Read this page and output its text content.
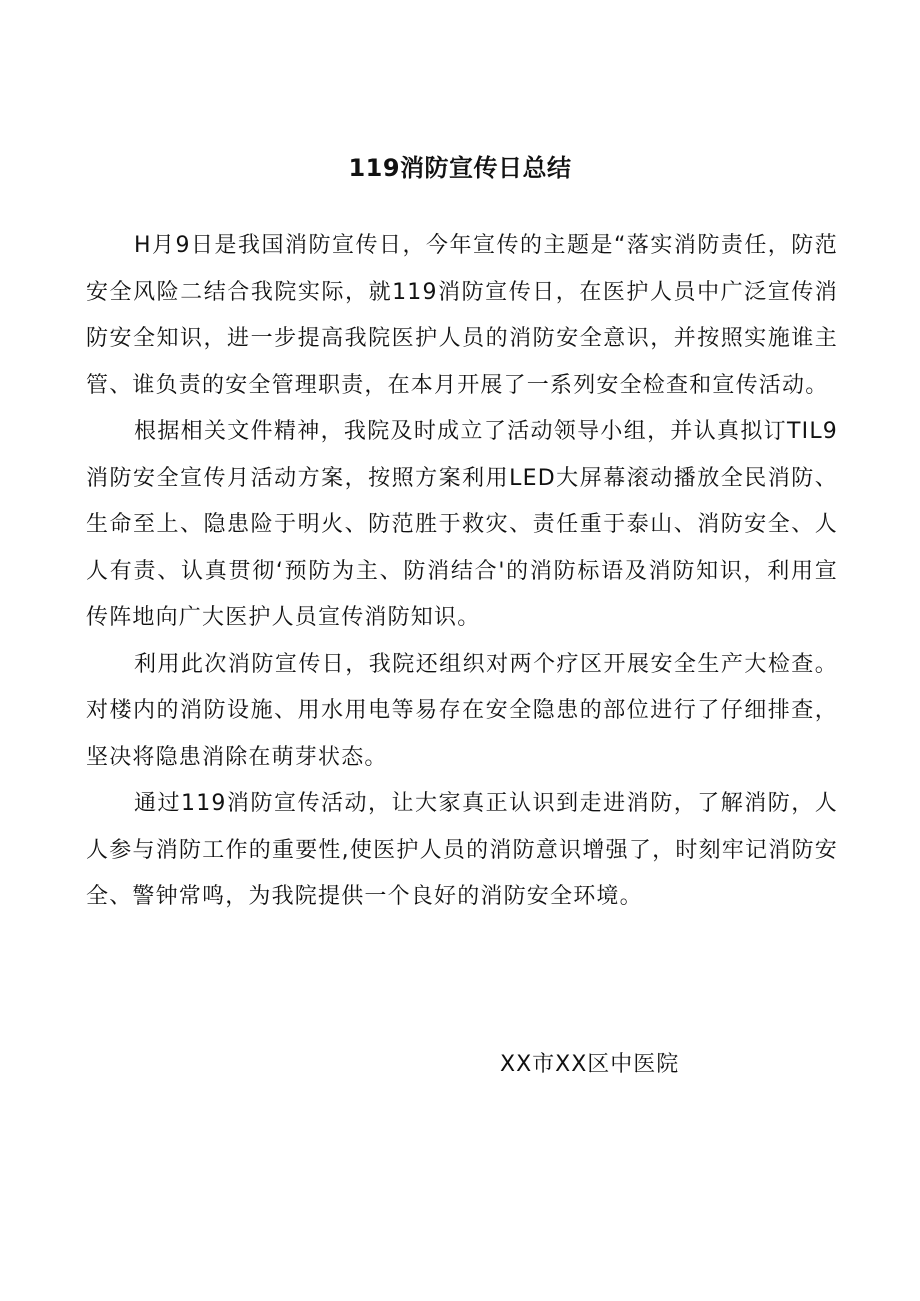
119消防宣传日总结

H月9日是我国消防宣传日，今年宣传的主题是“落实消防责任，防范安全风险二结合我院实际，就119消防宣传日，在医护人员中广泛宣传消防安全知识，进一步提高我院医护人员的消防安全意识，并按照实施谁主管、谁负责的安全管理职责，在本月开展了一系列安全检查和宣传活动。

根据相关文件精神，我院及时成立了活动领导小组，并认真拟订TIL9消防安全宣传月活动方案，按照方案利用LED大屏幕滚动播放全民消防、生命至上、隐患险于明火、防范胜于救灾、责任重于泰山、消防安全、人人有责、认真贯彻‘预防为主、防消结合'的消防标语及消防知识，利用宣传阵地向广大医护人员宣传消防知识。

利用此次消防宣传日，我院还组织对两个疗区开展安全生产大检查。对楼内的消防设施、用水用电等易存在安全隐患的部位进行了仔细排查，坚决将隐患消除在萌芽状态。

通过119消防宣传活动，让大家真正认识到走进消防，了解消防，人人参与消防工作的重要性,使医护人员的消防意识增强了，时刻牢记消防安全、警钟常鸣，为我院提供一个良好的消防安全环境。

XX市XX区中医院
